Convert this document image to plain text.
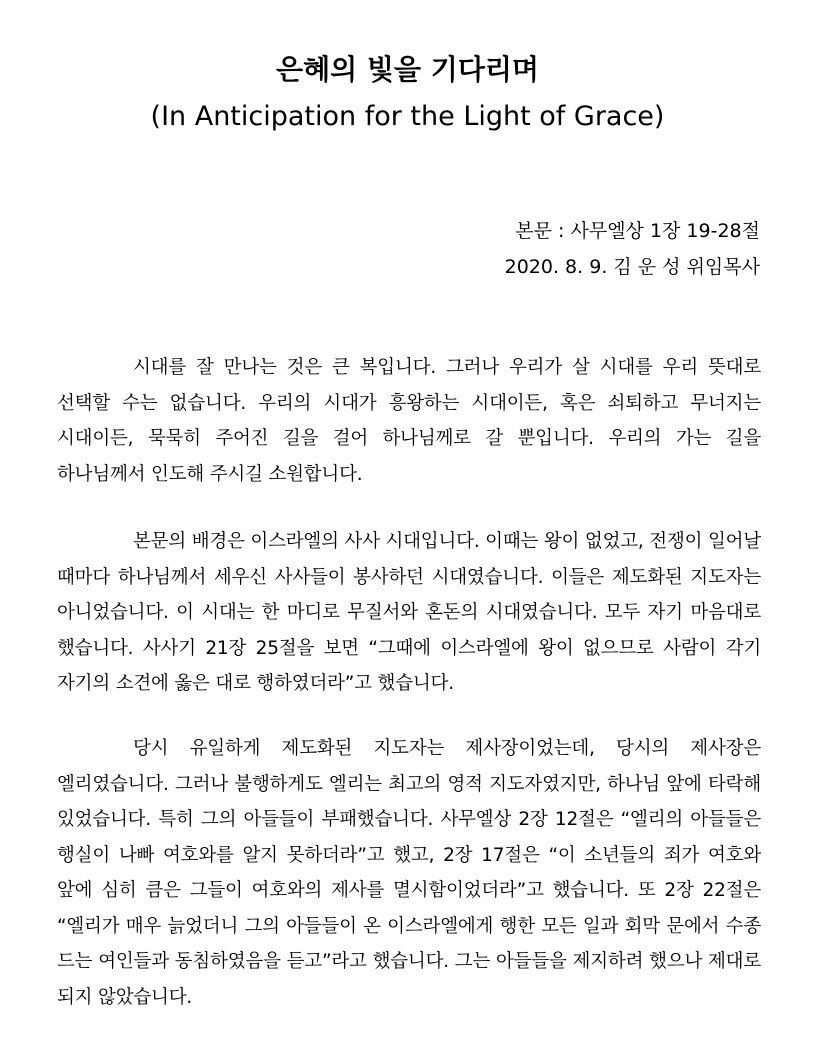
은혜의 빛을 기다리며
(In Anticipation for the Light of Grace)
본문 : 사무엘상 1장 19-28절
2020. 8. 9. 김 운 성 위임목사

시대를 잘 만나는 것은 큰 복입니다. 그러나 우리가 살 시대를 우리 뜻대로 선택할 수는 없습니다. 우리의 시대가 흥왕하는 시대이든, 혹은 쇠퇴하고 무너지는 시대이든, 묵묵히 주어진 길을 걸어 하나님께로 갈 뿐입니다. 우리의 가는 길을 하나님께서 인도해 주시길 소원합니다.

본문의 배경은 이스라엘의 사사 시대입니다. 이때는 왕이 없었고, 전쟁이 일어날 때마다 하나님께서 세우신 사사들이 봉사하던 시대였습니다. 이들은 제도화된 지도자는 아니었습니다. 이 시대는 한 마디로 무질서와 혼돈의 시대였습니다. 모두 자기 마음대로 했습니다. 사사기 21장 25절을 보면 “그때에 이스라엘에 왕이 없으므로 사람이 각기 자기의 소견에 옳은 대로 행하였더라”고 했습니다.

당시 유일하게 제도화된 지도자는 제사장이었는데, 당시의 제사장은 엘리였습니다. 그러나 불행하게도 엘리는 최고의 영적 지도자였지만, 하나님 앞에 타락해 있었습니다. 특히 그의 아들들이 부패했습니다. 사무엘상 2장 12절은 “엘리의 아들들은 행실이 나빠 여호와를 알지 못하더라”고 했고, 2장 17절은 “이 소년들의 죄가 여호와 앞에 심히 큼은 그들이 여호와의 제사를 멸시함이었더라”고 했습니다. 또 2장 22절은 “엘리가 매우 늙었더니 그의 아들들이 온 이스라엘에게 행한 모든 일과 회막 문에서 수종 드는 여인들과 동침하였음을 듣고”라고 했습니다. 그는 아들들을 제지하려 했으나 제대로 되지 않았습니다.
